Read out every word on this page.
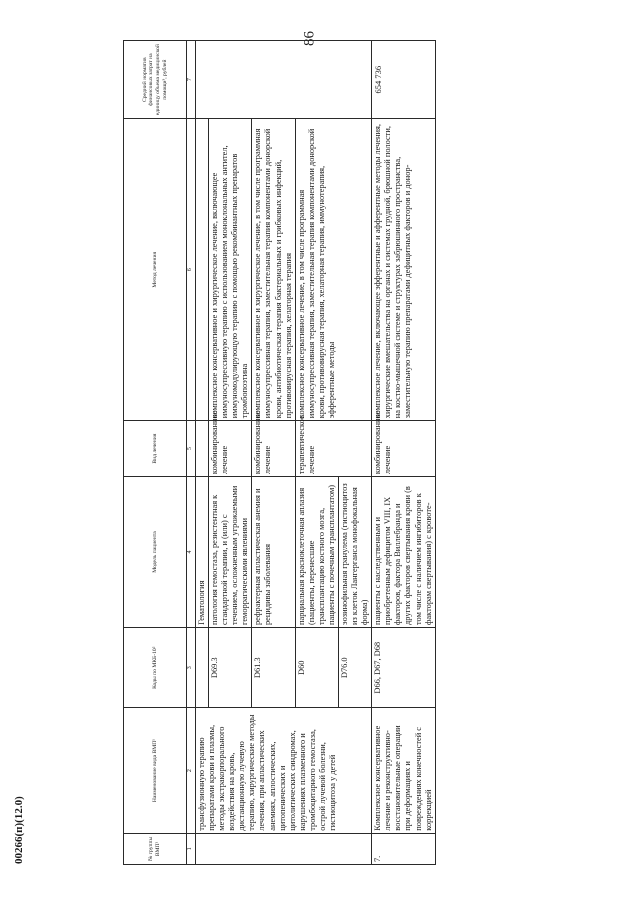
86
00266(п)(12.0)	№ группы ВМП¹	Наименование вида ВМП¹	Коды по МКБ-10²	Модель пациента	Вид лечения	Метод лечения	Средний норматив финансовых затрат на единицу объема медицинской помощи³, рублей
1	2	3	4	5	6	7
	трансфузионную терапию препаратами крови и плазмы, методы экстракорпорального воздействия на кровь, дистанционную лучевую терапию, хирургические методы лечения, при апластических анемиях, аплостических, цитопенических и цитолитических синдромах, нарушениях плазменного и тромбоцитарного гемостаза, острой лучевой болезни, гистиоцитоза у детей		Гематология			
		D69.3	патология гемостаза, резистентная к стандартной терапии, и (или) с течением, осложненным угрожаемыми геморрагическими явлениями	комбинированное лечение	комплексное консервативное и хирургическое лечение, включающее иммуносупрессивную терапию с использованием моноклональных антител, иммуномодулирующую терапию с помощью рекомбинантных препаратов тромбопоэтина	
		D61.3	рефрактерная апластическая анемия и рецидивы заболевания	комбинированное лечение	комплексное консервативное и хирургическое лечение, в том числе программная иммуносупрессивная терапия, заместительная терапия компонентами донорской крови, антибиотическая терапия бактериальных и грибковых инфекций, противовирусная терапия, хелаторная терапия	
		D60	парциальная красноклеточная аплазия (пациенты, перенесшие трансплантацию костного мозга, пациенты с почечным трансплантатом)	терапевтическое лечение	комплексное консервативное лечение, в том числе программная иммуносупрессивная терапия, заместительная терапия компонентами донорской крови, противовирусная терапия, хелаторная терапия, иммунотерапия, эфферентные методы	
		D76.0	эозинофильная гранулема (гистиоцитоз из клеток Лангерганса монофокальная форма)			
7.	Комплексное консервативное лечение и реконструктивно-восстановительные операции при деформациях и повреждениях конечностей с коррекцией	D66, D67, D68	пациенты с наследственным и приобретенным дефицитом VIII, IX факторов, фактора Виллебранда и других факторов свертывания крови (в том числе с наличием ингибиторов к факторам свертывания) с кровоте-	комбинированное лечение	комплексное лечение, включающее эфферентные и афферентные методы лечения, хирургические вмешательства на органах и системах грудной, брюшной полости, на костно-мышечной системе и структурах забрюшинного пространства, заместительную терапию препаратами дефицитных факторов и донор-	654 736
